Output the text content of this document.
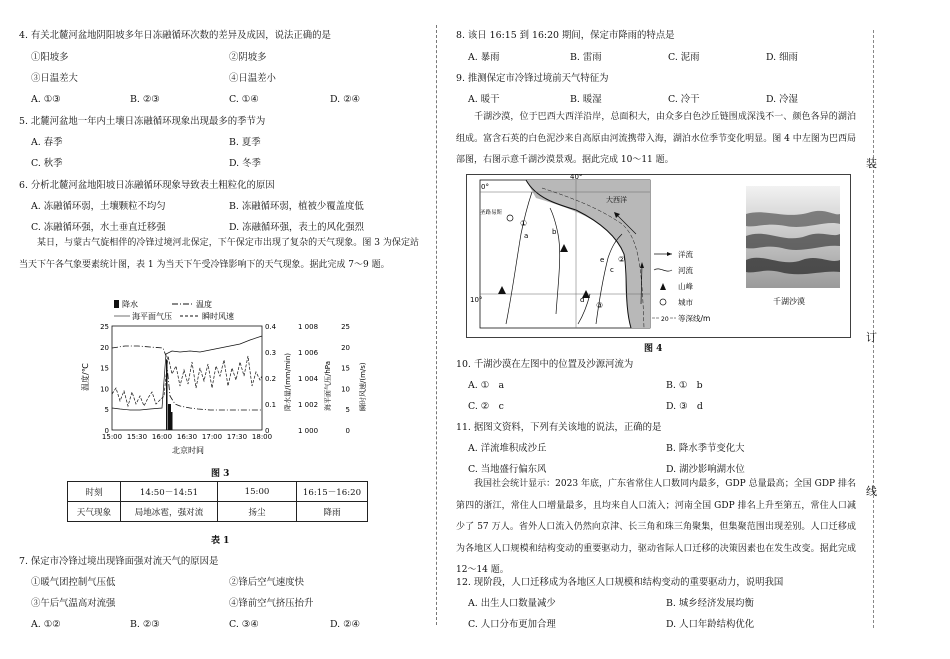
4. 有关北麓河盆地阴阳坡多年日冻融循环次数的差异及成因，说法正确的是
①阳坡多	②阴坡多
③日温差大	④日温差小
A. ①③	B. ②③	C. ①④	D. ②④
5. 北麓河盆地一年内土壤日冻融循环现象出现最多的季节为
A. 春季	B. 夏季
C. 秋季	D. 冬季
6. 分析北麓河盆地阳坡日冻融循环现象导致表土粗粒化的原因
A. 冻融循环弱，土壤颗粒不均匀	B. 冻融循环弱，植被少覆盖度低
C. 冻融循环强，水土垂直迁移强	D. 冻融循环强，表土的风化强烈
某日，与蒙古气旋相伴的冷锋过境河北保定，下午保定市出现了复杂的天气现象。图 3 为保定站当天下午各气象要素统计图，表 1 为当天下午受冷锋影响下的天气现象。据此完成 7～9 题。
降水	温度
海平面气压	瞬时风速
温度/℃	降水量/(mm/min)	海平面气压/hPa	瞬时风速/(m/s)
北京时间
15:00 15:30 16:00 16:30 17:00 17:30 18:00
25
20
15
10
5
0
0.4
0.3
0.2
0.1
0
1 008
1 006
1 004
1 002
1 000
25
20
15
10
5
0
图 3
时刻	14:50－14:51	15:00	16:15－16:20
天气现象	局地冰雹，强对流	扬尘	降雨
表 1
7. 保定市冷锋过境出现锋面强对流天气的原因是
①暖气团控制气压低	②锋后空气速度快
③午后气温高对流强	④锋前空气挤压抬升
A. ①②	B. ②③	C. ③④	D. ②④
8. 该日 16:15 到 16:20 期间，保定市降雨的特点是
A. 暴雨	B. 雷雨	C. 泥雨	D. 细雨
9. 推测保定市冷锋过境前天气特征为
A. 暖干	B. 暖湿	C. 冷干	D. 冷湿
千湖沙漠，位于巴西大西洋沿岸，总面积大，由众多白色沙丘链围成深浅不一、颜色各异的湖泊组成。富含石英的白色泥沙来自高原由河流携带入海，湖泊水位季节变化明显。图 4 中左图为巴西局部图，右图示意千湖沙漠景观。据此完成 10～11 题。
0°
40°
10°
圣路易斯
大西洋
①
②
③
a	b
c
d
e
洋流
河流
山峰
城市
20 等深线/m
千湖沙漠
图 4
10. 千湖沙漠在左图中的位置及沙源河流为
A. ①　a	B. ①　b
C. ②　c	D. ③　d
11. 据图文资料，下列有关该地的说法，正确的是
A. 洋流堆积成沙丘	B. 降水季节变化大
C. 当地盛行偏东风	D. 湖沙影响湖水位
我国社会统计显示：2023 年底，广东省常住人口数同内最多，GDP 总量最高；全国 GDP 排名第四的浙江，常住人口增量最多，且均来自人口流入；河南全国 GDP 排名上升至第五，常住人口减少了 57 万人。省外人口流入仍然向京津、长三角和珠三角聚集，但集聚范围出现差别。人口迁移成为各地区人口规模和结构变动的重要驱动力，驱动省际人口迁移的决策因素也在发生改变。据此完成 12～14 题。
12. 现阶段，人口迁移成为各地区人口规模和结构变动的重要驱动力，说明我国
A. 出生人口数量减少	B. 城乡经济发展均衡
C. 人口分布更加合理	D. 人口年龄结构优化
装
订
线
